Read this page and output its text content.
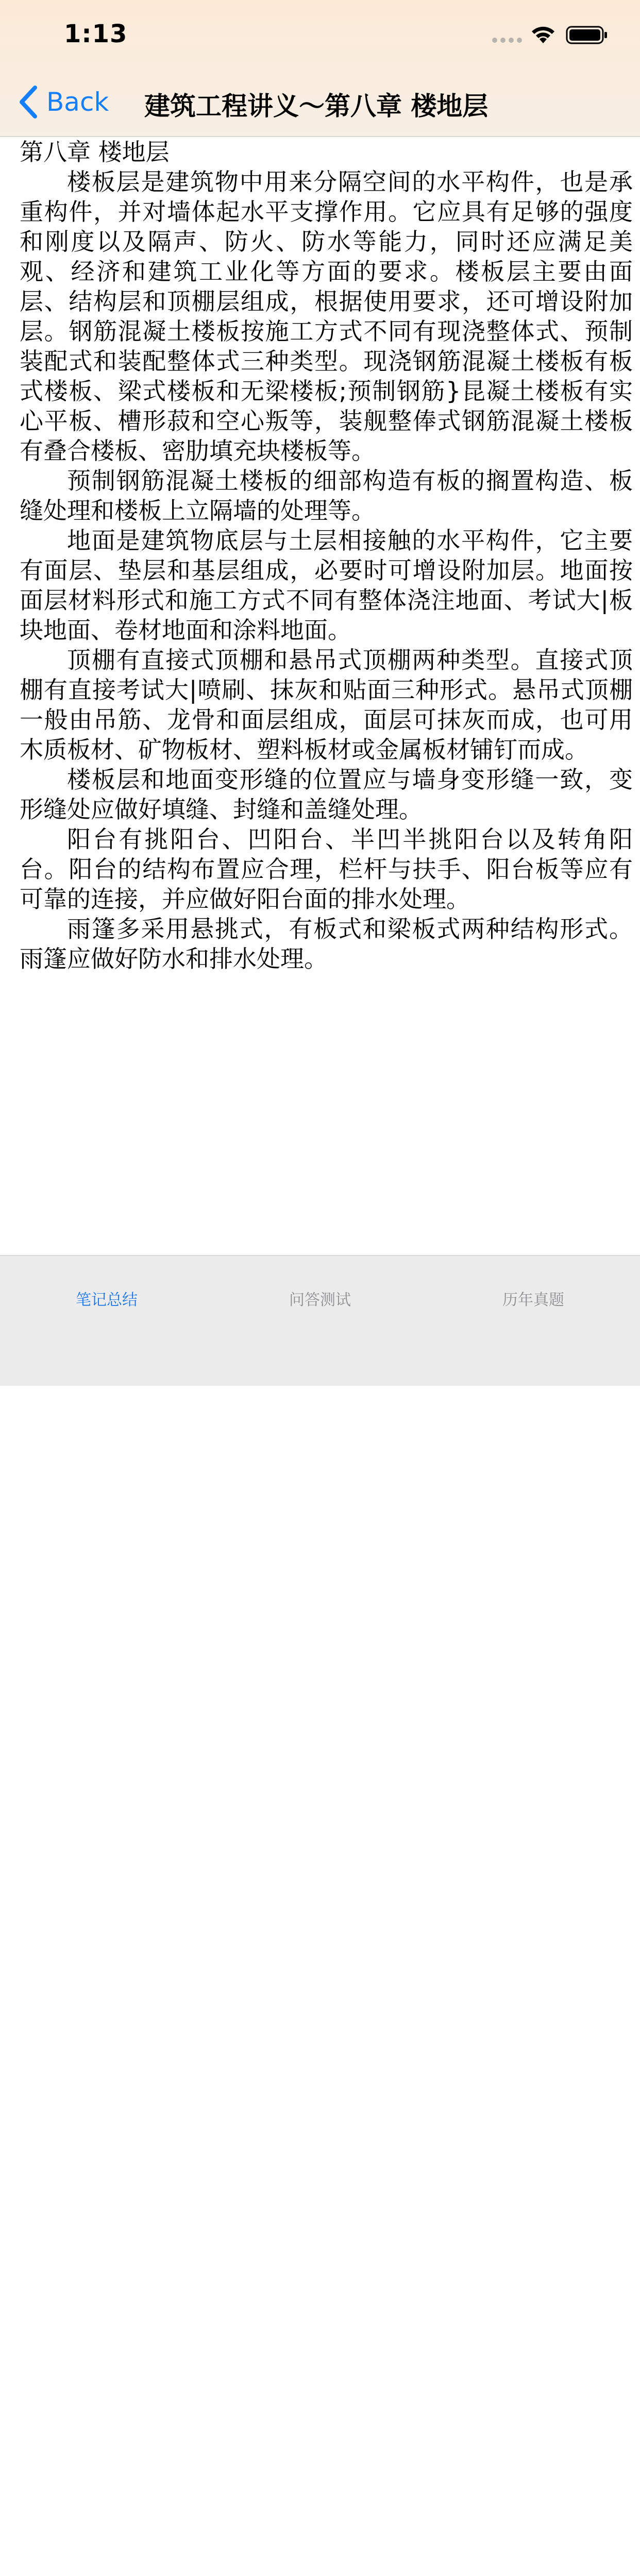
1:13
Back 建筑工程讲义～第八章 楼地层

第八章 楼地层

楼板层是建筑物中用来分隔空间的水平构件，也是承重构件，并对墙体起水平支撑作用。它应具有足够的强度和刚度以及隔声、防火、防水等能力，同时还应满足美观、经济和建筑工业化等方面的要求。楼板层主要由面层、结构层和顶棚层组成，根据使用要求，还可增设附加层。钢筋混凝土楼板按施工方式不同有现浇整体式、预制装配式和装配整体式三种类型。现浇钢筋混凝土楼板有板式楼板、梁式楼板和无梁楼板;预制钢筋}昆凝土楼板有实心平板、槽形菽和空心叛等，装舰整俸式钢筋混凝土楼板有叠合楼板、密肋填充块楼板等。

预制钢筋混凝土楼板的细部构造有板的搁置构造、板缝处理和楼板上立隔墙的处理等。

地面是建筑物底层与土层相接触的水平构件，它主要有面层、垫层和基层组成，必要时可增设附加层。地面按面层材料形式和施工方式不同有整体浇注地面、考试大|板块地面、卷材地面和涂料地面。

顶棚有直接式顶棚和悬吊式顶棚两种类型。直接式顶棚有直接考试大|喷刷、抹灰和贴面三种形式。悬吊式顶棚一般由吊筋、龙骨和面层组成，面层可抹灰而成，也可用木质板材、矿物板材、塑料板材或金属板材铺钉而成。

楼板层和地面变形缝的位置应与墙身变形缝一致，变形缝处应做好填缝、封缝和盖缝处理。

阳台有挑阳台、凹阳台、半凹半挑阳台以及转角阳台。阳台的结构布置应合理，栏杆与扶手、阳台板等应有可靠的连接，并应做好阳台面的排水处理。

雨篷多采用悬挑式，有板式和梁板式两种结构形式。雨篷应做好防水和排水处理。

笔记总结	问答测试	历年真题
